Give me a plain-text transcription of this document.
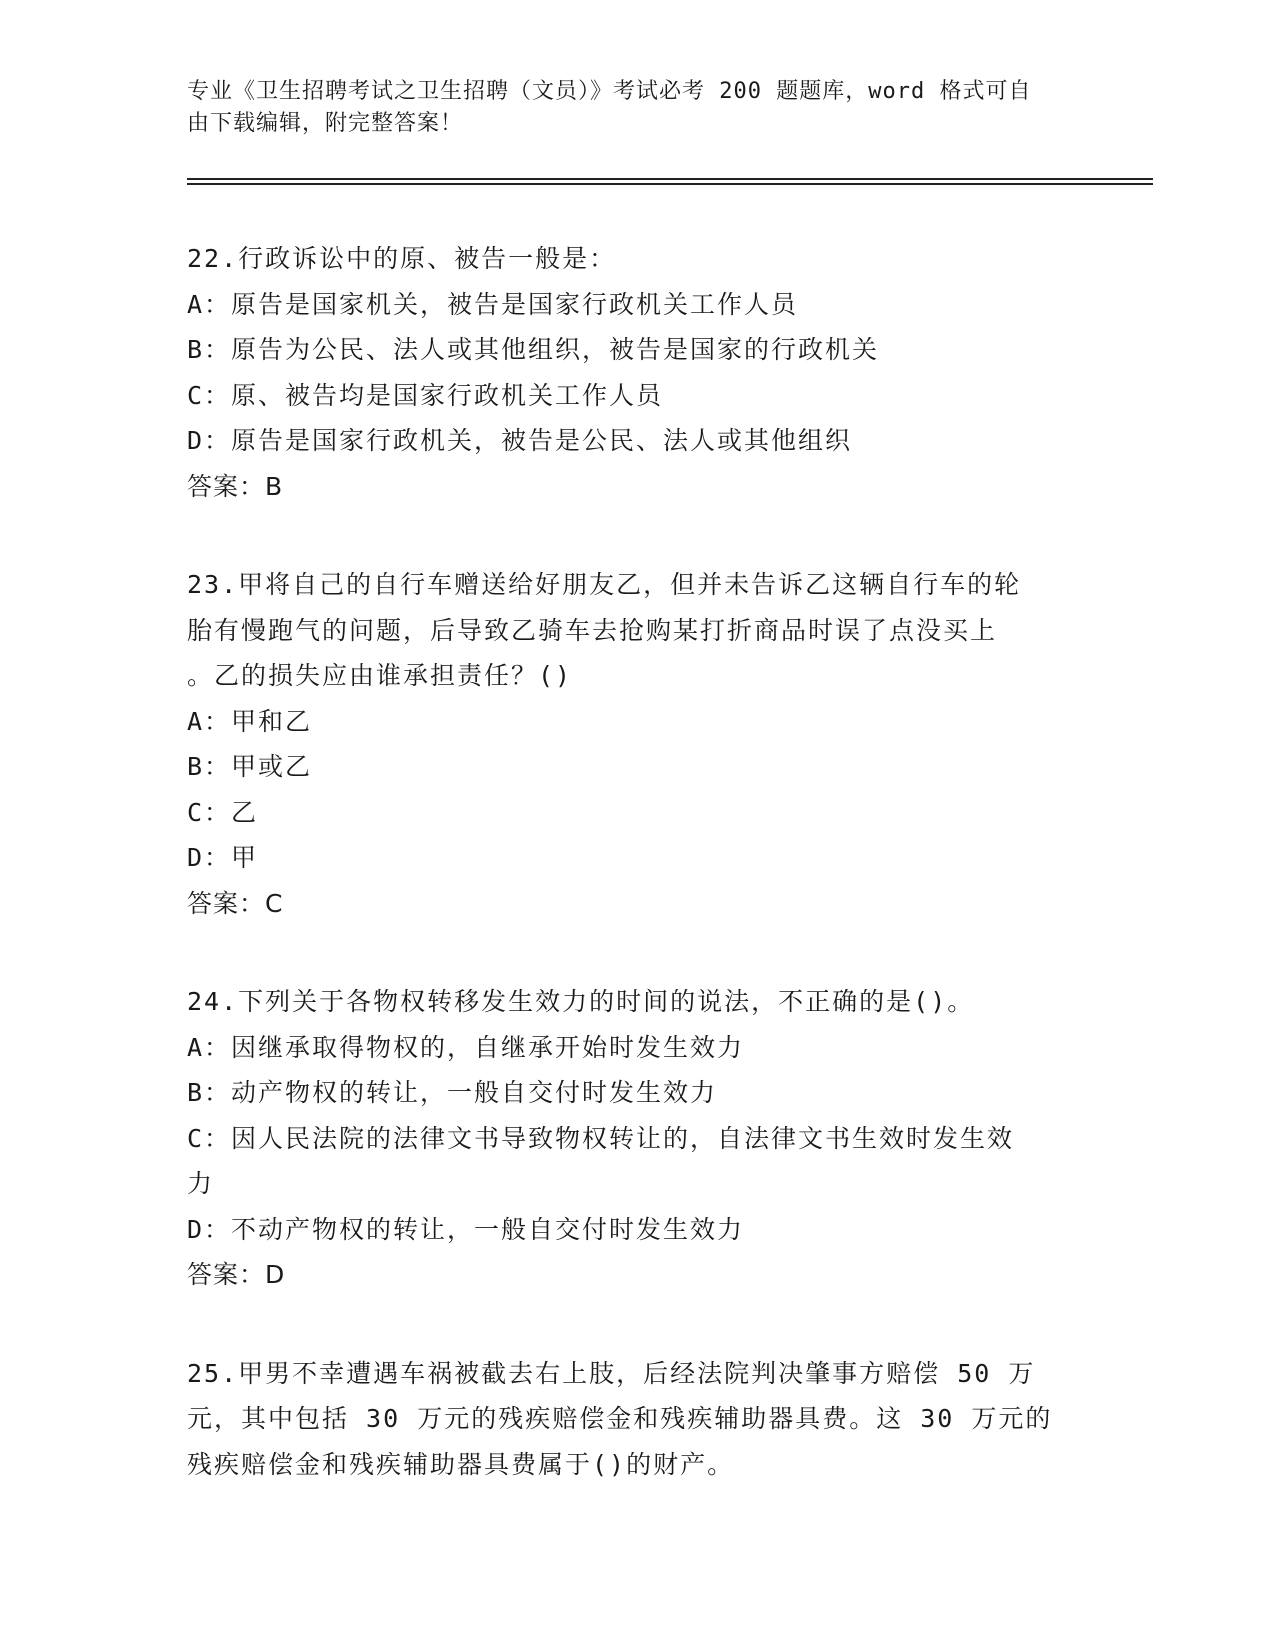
专业《卫生招聘考试之卫生招聘（文员）》考试必考 200 题题库，word 格式可自
由下载编辑，附完整答案！
22.行政诉讼中的原、被告一般是：
A：原告是国家机关，被告是国家行政机关工作人员
B：原告为公民、法人或其他组织，被告是国家的行政机关
C：原、被告均是国家行政机关工作人员
D：原告是国家行政机关，被告是公民、法人或其他组织
答案：B
23.甲将自己的自行车赠送给好朋友乙，但并未告诉乙这辆自行车的轮
胎有慢跑气的问题，后导致乙骑车去抢购某打折商品时误了点没买上
。乙的损失应由谁承担责任？()
A：甲和乙
B：甲或乙
C：乙
D：甲
答案：C
24.下列关于各物权转移发生效力的时间的说法，不正确的是()。
A：因继承取得物权的，自继承开始时发生效力
B：动产物权的转让，一般自交付时发生效力
C：因人民法院的法律文书导致物权转让的，自法律文书生效时发生效
力
D：不动产物权的转让，一般自交付时发生效力
答案：D
25.甲男不幸遭遇车祸被截去右上肢，后经法院判决肇事方赔偿 50 万
元，其中包括 30 万元的残疾赔偿金和残疾辅助器具费。这 30 万元的
残疾赔偿金和残疾辅助器具费属于()的财产。
